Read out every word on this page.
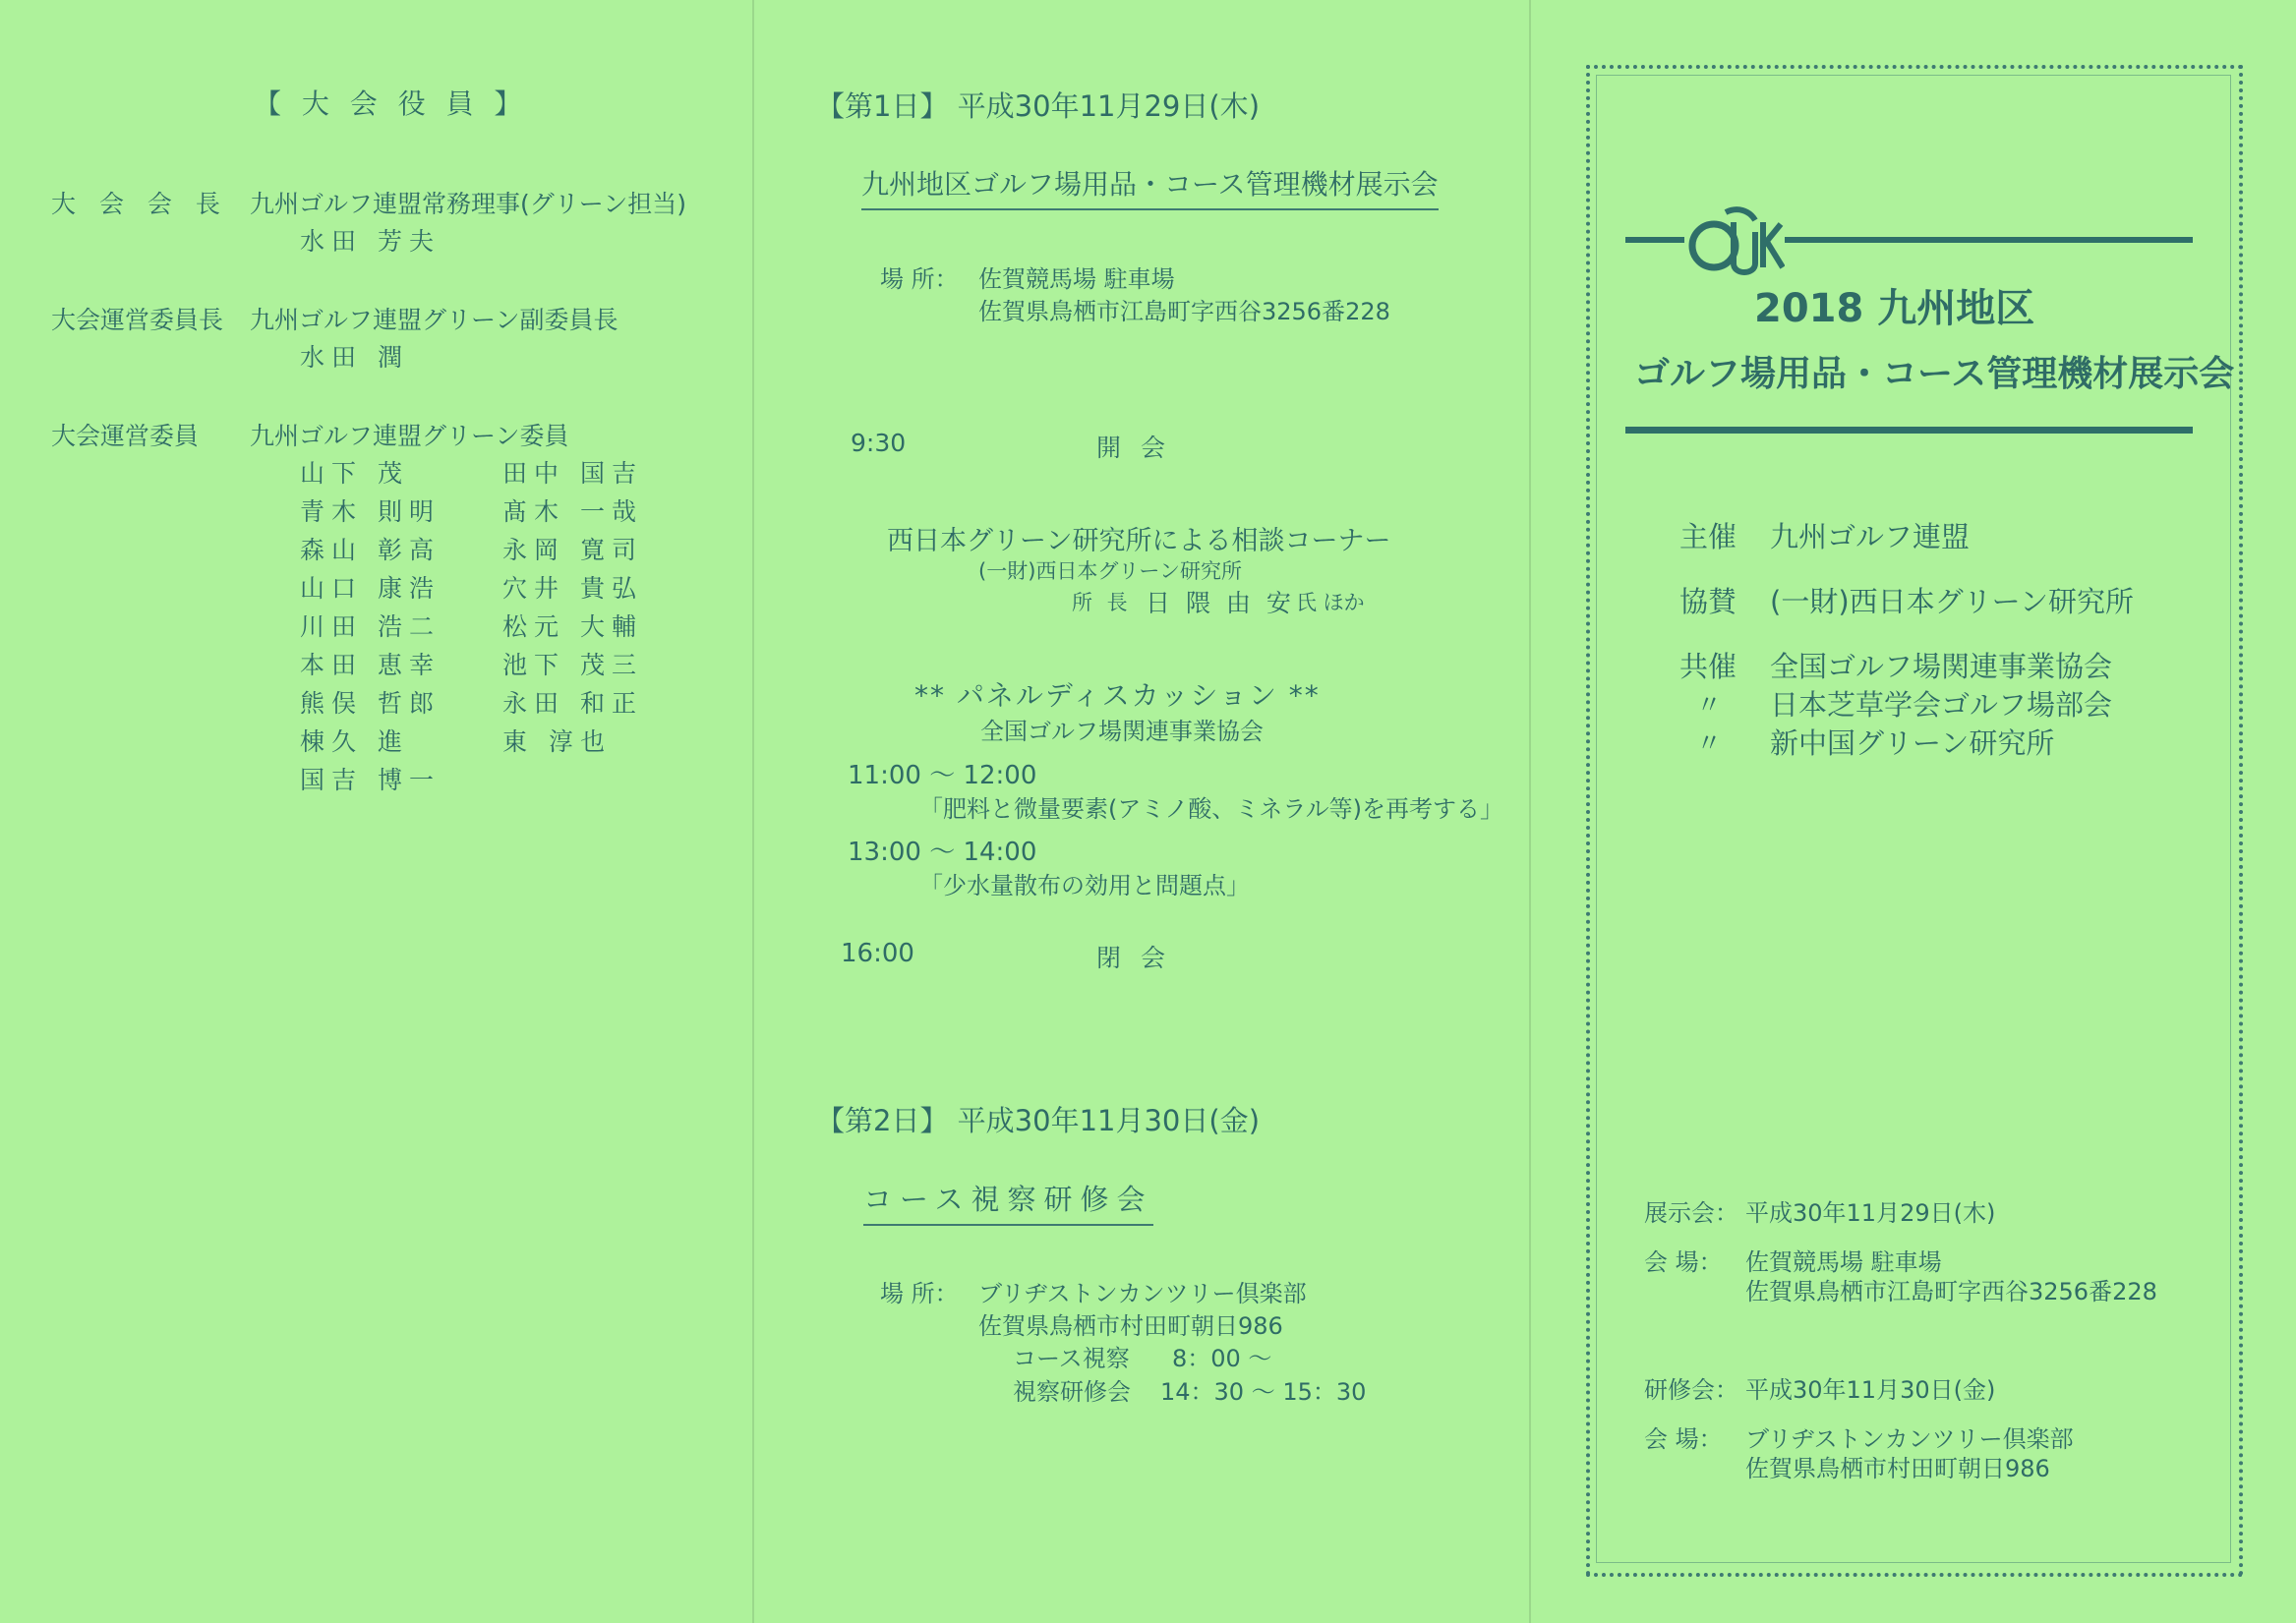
【 大 会 役 員 】
大 会 会 長 九州ゴルフ連盟常務理事(グリーン担当)
水田 芳夫
大会運営委員長 九州ゴルフ連盟グリーン副委員長
水田 潤
大会運営委員 九州ゴルフ連盟グリーン委員
山下 茂
青木 則明
森山 彰高
山口 康浩
川田 浩二
本田 恵幸
熊俣 哲郎
棟久 進
国吉 博一
田中 国吉
髙木 一哉
永岡 寛司
穴井 貴弘
松元 大輔
池下 茂三
永田 和正
東 淳也
【第1日】 平成30年11月29日(木)
九州地区ゴルフ場用品・コース管理機材展示会
場 所： 佐賀競馬場 駐車場
佐賀県鳥栖市江島町字西谷3256番228
9:30	開 会
西日本グリーン研究所による相談コーナー
(一財)西日本グリーン研究所
所 長 日 隈 由 安 氏 ほか
** パネルディスカッション **
全国ゴルフ場関連事業協会
11:00 ～ 12:00
「肥料と微量要素(アミノ酸、ミネラル等)を再考する」
13:00 ～ 14:00
「少水量散布の効用と問題点」
16:00	閉 会
【第2日】 平成30年11月30日(金)
コース視察研修会
場 所： ブリヂストンカンツリー倶楽部
佐賀県鳥栖市村田町朝日986
コース視察 8：00 ～
視察研修会 14：30 ～ 15：30
2018 九州地区
ゴルフ場用品・コース管理機材展示会
主催 九州ゴルフ連盟
協賛 (一財)西日本グリーン研究所
共催 全国ゴルフ場関連事業協会
〃 日本芝草学会ゴルフ場部会
〃 新中国グリーン研究所
展示会： 平成30年11月29日(木)
会 場： 佐賀競馬場 駐車場
佐賀県鳥栖市江島町字西谷3256番228
研修会： 平成30年11月30日(金)
会 場： ブリヂストンカンツリー倶楽部
佐賀県鳥栖市村田町朝日986
